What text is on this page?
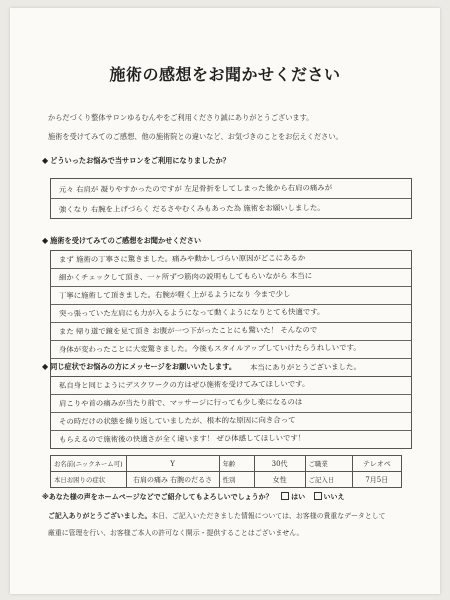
施術の感想をお聞かせください
からだづくり整体サロンゆるむんやをご利用くださり誠にありがとうございます。
施術を受けてみてのご感想、他の施術院との違いなど、お気づきのことをお伝えください。
◆ どういったお悩みで当サロンをご利用になりましたか？
元々 右肩が 凝りやすかったのですが 左足骨折をしてしまった後から右肩の痛みが
強くなり 右腕を上げづらく だるさやむくみもあった為 施術をお願いしました。
◆ 施術を受けてみてのご感想をお聞かせください
まず 施術の丁寧さに驚きました。痛みや動かしづらい原因がどこにあるか
細かくチェックして頂き、一ヶ所ずつ筋肉の説明もしてもらいながら 本当に
丁寧に施術して頂きました。右腕が軽く上がるようになり 今まで少し
突っ張っていた左肩にも力が入るようになって動くようになりとても快適です。
また 帰り道で鏡を見て頂き お腹が一つ下がったことにも驚いた！ そんなので
身体が変わったことに大変驚きました。今後もスタイルアップしていけたらうれしいです。
本当にありがとうございました。
◆ 同じ症状でお悩みの方にメッセージをお願いいたします。
私自身と同じようにデスクワークの方はぜひ施術を受けてみてほしいです。
肩こりや首の痛みが当たり前で、マッサージに行っても少し楽になるのは
その時だけの状態を繰り返していましたが、根本的な原因に向き合って
もらえるので施術後の快適さが全く違います！ ぜひ体感してほしいです！
お名前(ニックネーム可)	Y	年齢	30代	ご職業	テレオペ
本日お困りの症状	右肩の痛み 右腕のだるさ	性別	女性	ご記入日	7月5日
※あなた様の声をホームページなどでご紹介してもよろしいでしょうか？	はい	いいえ
ご記入ありがとうございました。本日、ご記入いただきました情報については、お客様の貴重なデータとして
厳重に管理を行い、お客様ご本人の許可なく開示・提供することはございません。
